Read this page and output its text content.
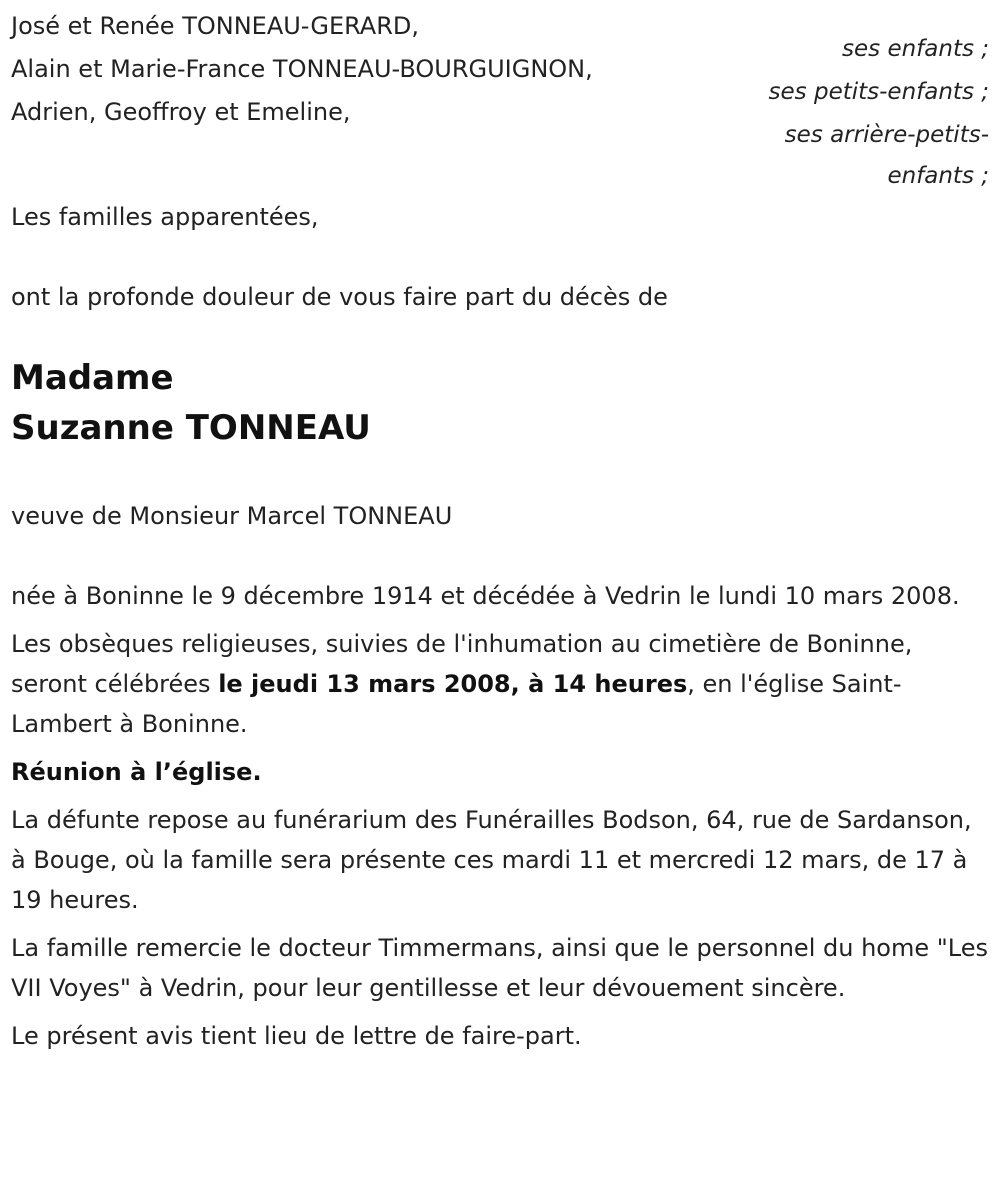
José et Renée TONNEAU-GERARD,
ses enfants ;
Alain et Marie-France TONNEAU-BOURGUIGNON,
ses petits-enfants ;
Adrien, Geoffroy et Emeline,
ses arrière-petits-
enfants ;
Les familles apparentées,
ont la profonde douleur de vous faire part du décès de
Madame
Suzanne TONNEAU
veuve de Monsieur Marcel TONNEAU

née à Boninne le 9 décembre 1914 et décédée à Vedrin le lundi 10 mars 2008.

Les obsèques religieuses, suivies de l'inhumation au cimetière de Boninne, seront célébrées le jeudi 13 mars 2008, à 14 heures, en l'église Saint-Lambert à Boninne.

Réunion à l’église.

La défunte repose au funérarium des Funérailles Bodson, 64, rue de Sardanson, à Bouge, où la famille sera présente ces mardi 11 et mercredi 12 mars, de 17 à 19 heures.

La famille remercie le docteur Timmermans, ainsi que le personnel du home "Les VII Voyes" à Vedrin, pour leur gentillesse et leur dévouement sincère.

Le présent avis tient lieu de lettre de faire-part.
